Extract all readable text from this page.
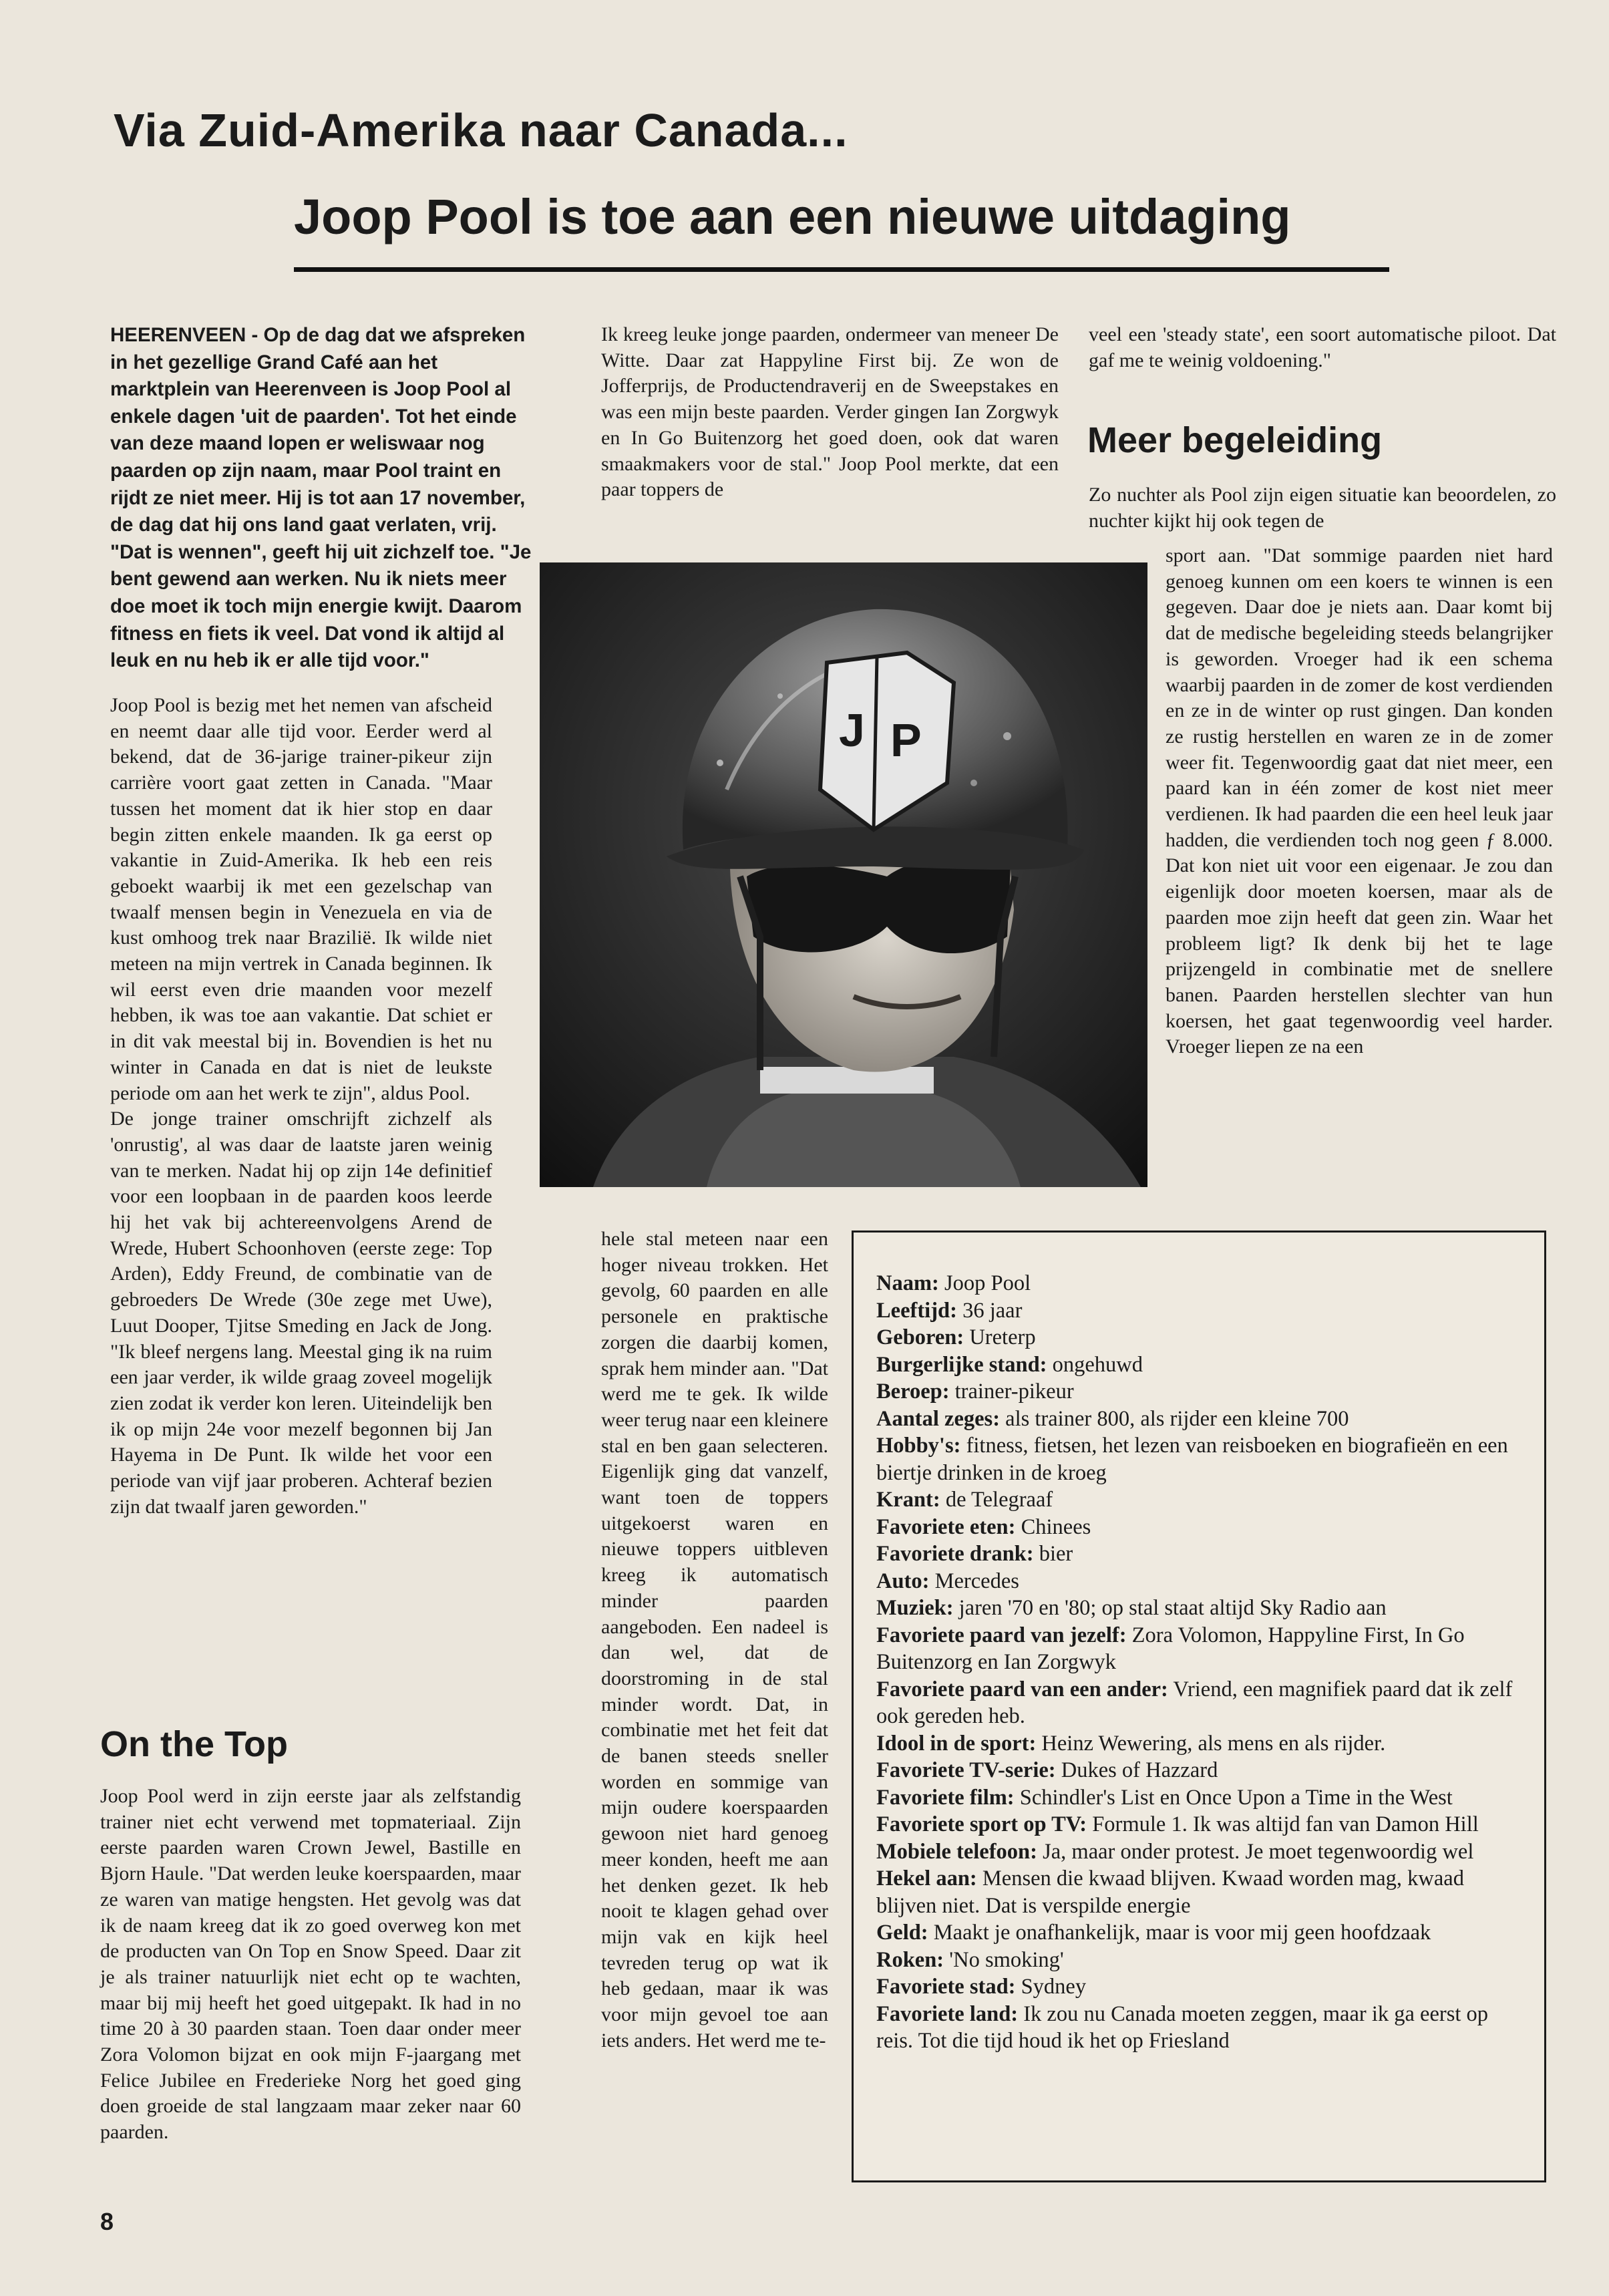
Via Zuid-Amerika naar Canada...
Joop Pool is toe aan een nieuwe uitdaging

HEERENVEEN - Op de dag dat we afspreken in het gezellige Grand Café aan het marktplein van Heerenveen is Joop Pool al enkele dagen 'uit de paarden'. Tot het einde van deze maand lopen er weliswaar nog paarden op zijn naam, maar Pool traint en rijdt ze niet meer. Hij is tot aan 17 november, de dag dat hij ons land gaat verlaten, vrij. "Dat is wennen", geeft hij uit zichzelf toe. "Je bent gewend aan werken. Nu ik niets meer doe moet ik toch mijn energie kwijt. Daarom fitness en fiets ik veel. Dat vond ik altijd al leuk en nu heb ik er alle tijd voor."

Joop Pool is bezig met het nemen van afscheid en neemt daar alle tijd voor. Eerder werd al bekend, dat de 36-jarige trainer-pikeur zijn carrière voort gaat zetten in Canada. "Maar tussen het moment dat ik hier stop en daar begin zitten enkele maanden. Ik ga eerst op vakantie in Zuid-Amerika. Ik heb een reis geboekt waarbij ik met een gezelschap van twaalf mensen begin in Venezuela en via de kust omhoog trek naar Brazilië. Ik wilde niet meteen na mijn vertrek in Canada beginnen. Ik wil eerst even drie maanden voor mezelf hebben, ik was toe aan vakantie. Dat schiet er in dit vak meestal bij in. Bovendien is het nu winter in Canada en dat is niet de leukste periode om aan het werk te zijn", aldus Pool.

De jonge trainer omschrijft zichzelf als 'onrustig', al was daar de laatste jaren weinig van te merken. Nadat hij op zijn 14e definitief voor een loopbaan in de paarden koos leerde hij het vak bij achtereenvolgens Arend de Wrede, Hubert Schoonhoven (eerste zege: Top Arden), Eddy Freund, de combinatie van de gebroeders De Wrede (30e zege met Uwe), Luut Dooper, Tjitse Smeding en Jack de Jong. "Ik bleef nergens lang. Meestal ging ik na ruim een jaar verder, ik wilde graag zoveel mogelijk zien zodat ik verder kon leren. Uiteindelijk ben ik op mijn 24e voor mezelf begonnen bij Jan Hayema in De Punt. Ik wilde het voor een periode van vijf jaar proberen. Achteraf bezien zijn dat twaalf jaren geworden."

On the Top

Joop Pool werd in zijn eerste jaar als zelfstandig trainer niet echt verwend met topmateriaal. Zijn eerste paarden waren Crown Jewel, Bastille en Bjorn Haule. "Dat werden leuke koerspaarden, maar ze waren van matige hengsten. Het gevolg was dat ik de naam kreeg dat ik zo goed overweg kon met de producten van On Top en Snow Speed. Daar zit je als trainer natuurlijk niet echt op te wachten, maar bij mij heeft het goed uitgepakt. Ik had in no time 20 à 30 paarden staan. Toen daar onder meer Zora Volomon bijzat en ook mijn F-jaargang met Felice Jubilee en Frederieke Norg het goed ging doen groeide de stal langzaam maar zeker naar 60 paarden.

Ik kreeg leuke jonge paarden, ondermeer van meneer De Witte. Daar zat Happyline First bij. Ze won de Jofferprijs, de Productendraverij en de Sweepstakes en was een mijn beste paarden. Verder gingen Ian Zorgwyk en In Go Buitenzorg het goed doen, ook dat waren smaakmakers voor de stal." Joop Pool merkte, dat een paar toppers de

J P

hele stal meteen naar een hoger niveau trokken. Het gevolg, 60 paarden en alle personele en praktische zorgen die daarbij komen, sprak hem minder aan. "Dat werd me te gek. Ik wilde weer terug naar een kleinere stal en ben gaan selecteren. Eigenlijk ging dat vanzelf, want toen de toppers uitgekoerst waren en nieuwe toppers uitbleven kreeg ik automatisch minder paarden aangeboden. Een nadeel is dan wel, dat de doorstroming in de stal minder wordt. Dat, in combinatie met het feit dat de banen steeds sneller worden en sommige van mijn oudere koerspaarden gewoon niet hard genoeg meer konden, heeft me aan het denken gezet. Ik heb nooit te klagen gehad over mijn vak en kijk heel tevreden terug op wat ik heb gedaan, maar ik was voor mijn gevoel toe aan iets anders. Het werd me te-

veel een 'steady state', een soort automatische piloot. Dat gaf me te weinig voldoening."

Meer begeleiding

Zo nuchter als Pool zijn eigen situatie kan beoordelen, zo nuchter kijkt hij ook tegen de

sport aan. "Dat sommige paarden niet hard genoeg kunnen om een koers te winnen is een gegeven. Daar doe je niets aan. Daar komt bij dat de medische begeleiding steeds belangrijker is geworden. Vroeger had ik een schema waarbij paarden in de zomer de kost verdienden en ze in de winter op rust gingen. Dan konden ze rustig herstellen en waren ze in de zomer weer fit. Tegenwoordig gaat dat niet meer, een paard kan in één zomer de kost niet meer verdienen. Ik had paarden die een heel leuk jaar hadden, die verdienden toch nog geen ƒ 8.000. Dat kon niet uit voor een eigenaar. Je zou dan eigenlijk door moeten koersen, maar als de paarden moe zijn heeft dat geen zin. Waar het probleem ligt? Ik denk bij het te lage prijzengeld in combinatie met de snellere banen. Paarden herstellen slechter van hun koersen, het gaat tegenwoordig veel harder. Vroeger liepen ze na een

Naam: Joop Pool

Leeftijd: 36 jaar

Geboren: Ureterp

Burgerlijke stand: ongehuwd

Beroep: trainer-pikeur

Aantal zeges: als trainer 800, als rijder een kleine 700

Hobby's: fitness, fietsen, het lezen van reisboeken en biografieën en een biertje drinken in de kroeg

Krant: de Telegraaf

Favoriete eten: Chinees

Favoriete drank: bier

Auto: Mercedes

Muziek: jaren '70 en '80; op stal staat altijd Sky Radio aan

Favoriete paard van jezelf: Zora Volomon, Happyline First, In Go Buitenzorg en Ian Zorgwyk

Favoriete paard van een ander: Vriend, een magnifiek paard dat ik zelf ook gereden heb.

Idool in de sport: Heinz Wewering, als mens en als rijder.

Favoriete TV-serie: Dukes of Hazzard

Favoriete film: Schindler's List en Once Upon a Time in the West

Favoriete sport op TV: Formule 1. Ik was altijd fan van Damon Hill

Mobiele telefoon: Ja, maar onder protest. Je moet tegenwoordig wel

Hekel aan: Mensen die kwaad blijven. Kwaad worden mag, kwaad blijven niet. Dat is verspilde energie

Geld: Maakt je onafhankelijk, maar is voor mij geen hoofdzaak

Roken: 'No smoking'

Favoriete stad: Sydney

Favoriete land: Ik zou nu Canada moeten zeggen, maar ik ga eerst op reis. Tot die tijd houd ik het op Friesland

8
